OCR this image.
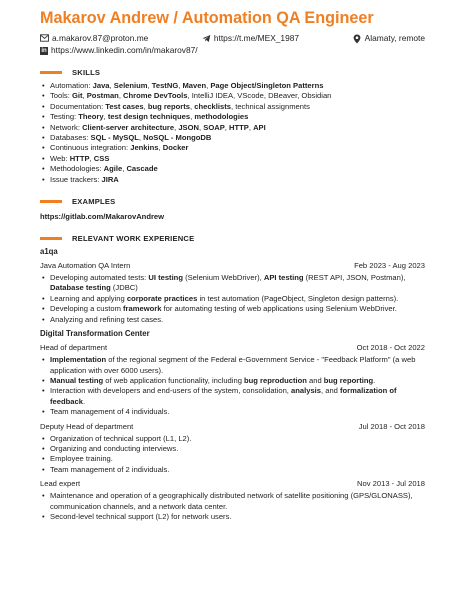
Makarov Andrew / Automation QA Engineer
a.makarov.87@proton.me	https://t.me/MEX_1987	Alamaty, remote
in https://www.linkedin.com/in/makarov87/
SKILLS
• Automation: Java, Selenium, TestNG, Maven, Page Object/Singleton Patterns
• Tools: Git, Postman, Chrome DevTools, IntelliJ IDEA, VScode, DBeaver, Obsidian
• Documentation: Test cases, bug reports, checklists, technical assignments
• Testing: Theory, test design techniques, methodologies
• Network: Client-server architecture, JSON, SOAP, HTTP, API
• Databases: SQL - MySQL, NoSQL - MongoDB
• Continuous integration: Jenkins, Docker
• Web: HTTP, CSS
• Methodologies: Agile, Cascade
• Issue trackers: JIRA
EXAMPLES
https://gitlab.com/MakarovAndrew
RELEVANT WORK EXPERIENCE
a1qa
Java Automation QA Intern	Feb 2023 - Aug 2023
• Developing automated tests: UI testing (Selenium WebDriver), API testing (REST API, JSON, Postman), Database testing (JDBC)
• Learning and applying corporate practices in test automation (PageObject, Singleton design patterns).
• Developing a custom framework for automating testing of web applications using Selenium WebDriver.
• Analyzing and refining test cases.
Digital Transformation Center
Head of department	Oct 2018 - Oct 2022
• Implementation of the regional segment of the Federal e-Government Service - "Feedback Platform" (a web application with over 6000 users).
• Manual testing of web application functionality, including bug reproduction and bug reporting.
• Interaction with developers and end-users of the system, consolidation, analysis, and formalization of feedback.
• Team management of 4 individuals.
Deputy Head of department	Jul 2018 - Oct 2018
• Organization of technical support (L1, L2).
• Organizing and conducting interviews.
• Employee training.
• Team management of 2 individuals.
Lead expert	Nov 2013 - Jul 2018
• Maintenance and operation of a geographically distributed network of satellite positioning (GPS/GLONASS), communication channels, and a network data center.
• Second-level technical support (L2) for network users.
